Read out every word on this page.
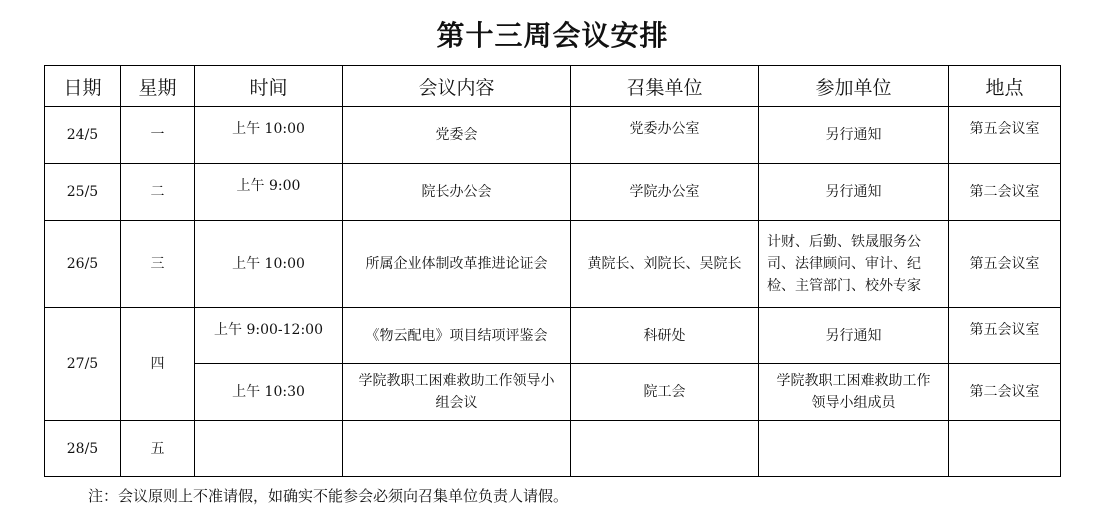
第十三周会议安排
日期	星期	时间	会议内容	召集单位	参加单位	地点
24/5	一	上午 10:00	党委会	党委办公室	另行通知	第五会议室
25/5	二	上午 9:00	院长办公会	学院办公室	另行通知	第二会议室
26/5	三	上午 10:00	所属企业体制改革推进论证会	黄院长、刘院长、吴院长	计财、后勤、铁晟服务公司、法律顾问、审计、纪检、主管部门、校外专家	第五会议室
27/5	四	上午 9:00-12:00	《物云配电》项目结项评鉴会	科研处	另行通知	第五会议室
		上午 10:30	学院教职工困难救助工作领导小组会议	院工会	学院教职工困难救助工作领导小组成员	第二会议室
28/5	五					
注：会议原则上不准请假，如确实不能参会必须向召集单位负责人请假。
